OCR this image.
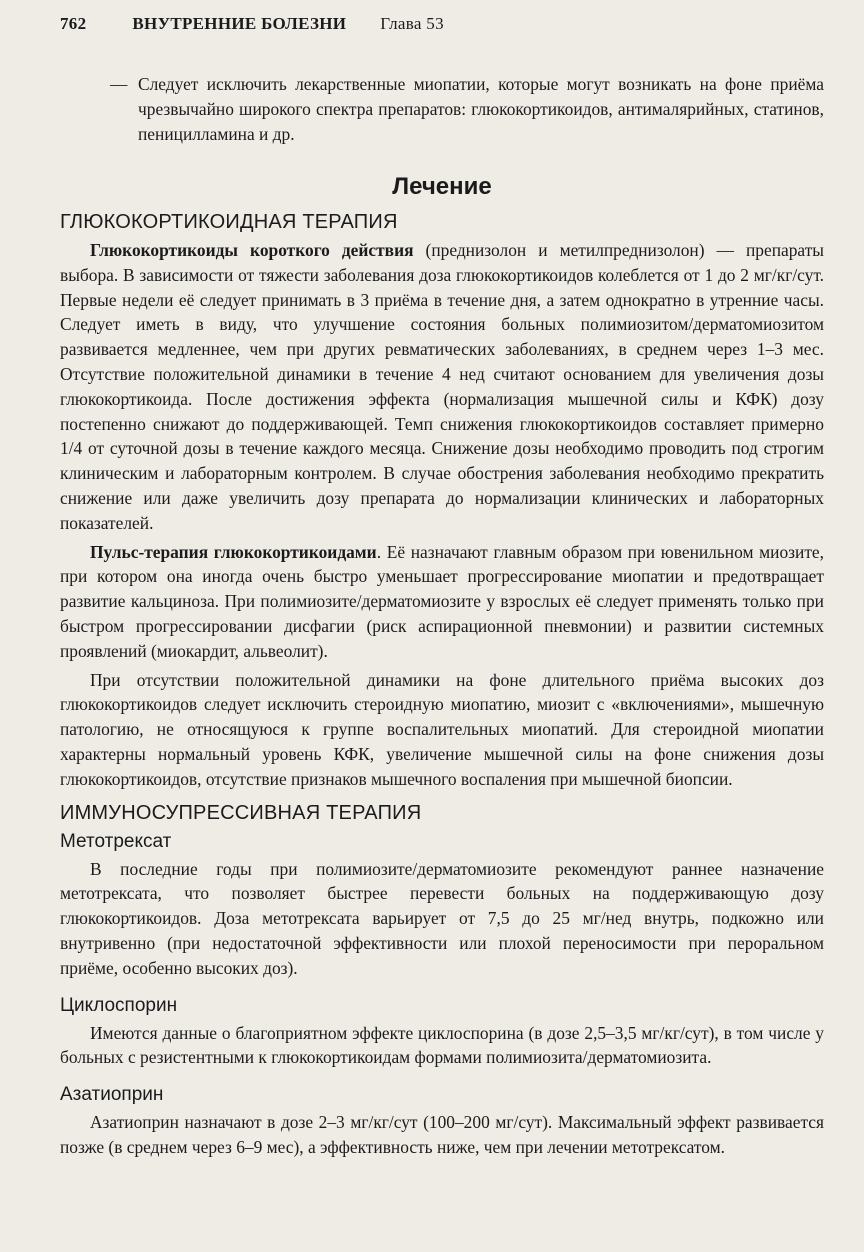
762	ВНУТРЕННИЕ БОЛЕЗНИ Глава 53
— Следует исключить лекарственные миопатии, которые могут возникать на фоне приёма чрезвычайно широкого спектра препаратов: глюкокортикоидов, антималярийных, статинов, пеницилламина и др.
Лечение
ГЛЮКОКОРТИКОИДНАЯ ТЕРАПИЯ

Глюкокортикоиды короткого действия (преднизолон и метилпреднизолон) — препараты выбора. В зависимости от тяжести заболевания доза глюкокортикоидов колеблется от 1 до 2 мг/кг/сут. Первые недели её следует принимать в 3 приёма в течение дня, а затем однократно в утренние часы. Следует иметь в виду, что улучшение состояния больных полимиозитом/дерматомиозитом развивается медленнее, чем при других ревматических заболеваниях, в среднем через 1–3 мес. Отсутствие положительной динамики в течение 4 нед считают основанием для увеличения дозы глюкокортикоида. После достижения эффекта (нормализация мышечной силы и КФК) дозу постепенно снижают до поддерживающей. Темп снижения глюкокортикоидов составляет примерно 1/4 от суточной дозы в течение каждого месяца. Снижение дозы необходимо проводить под строгим клиническим и лабораторным контролем. В случае обострения заболевания необходимо прекратить снижение или даже увеличить дозу препарата до нормализации клинических и лабораторных показателей.

Пульс-терапия глюкокортикоидами. Её назначают главным образом при ювенильном миозите, при котором она иногда очень быстро уменьшает прогрессирование миопатии и предотвращает развитие кальциноза. При полимиозите/дерматомиозите у взрослых её следует применять только при быстром прогрессировании дисфагии (риск аспирационной пневмонии) и развитии системных проявлений (миокардит, альвеолит).

При отсутствии положительной динамики на фоне длительного приёма высоких доз глюкокортикоидов следует исключить стероидную миопатию, миозит с «включениями», мышечную патологию, не относящуюся к группе воспалительных миопатий. Для стероидной миопатии характерны нормальный уровень КФК, увеличение мышечной силы на фоне снижения дозы глюкокортикоидов, отсутствие признаков мышечного воспаления при мышечной биопсии.

ИММУНОСУПРЕССИВНАЯ ТЕРАПИЯ
Метотрексат

В последние годы при полимиозите/дерматомиозите рекомендуют раннее назначение метотрексата, что позволяет быстрее перевести больных на поддерживающую дозу глюкокортикоидов. Доза метотрексата варьирует от 7,5 до 25 мг/нед внутрь, подкожно или внутривенно (при недостаточной эффективности или плохой переносимости при пероральном приёме, особенно высоких доз).

Циклоспорин

Имеются данные о благоприятном эффекте циклоспорина (в дозе 2,5–3,5 мг/кг/сут), в том числе у больных с резистентными к глюкокортикоидам формами полимиозита/дерматомиозита.

Азатиоприн

Азатиоприн назначают в дозе 2–3 мг/кг/сут (100–200 мг/сут). Максимальный эффект развивается позже (в среднем через 6–9 мес), а эффективность ниже, чем при лечении метотрексатом.
